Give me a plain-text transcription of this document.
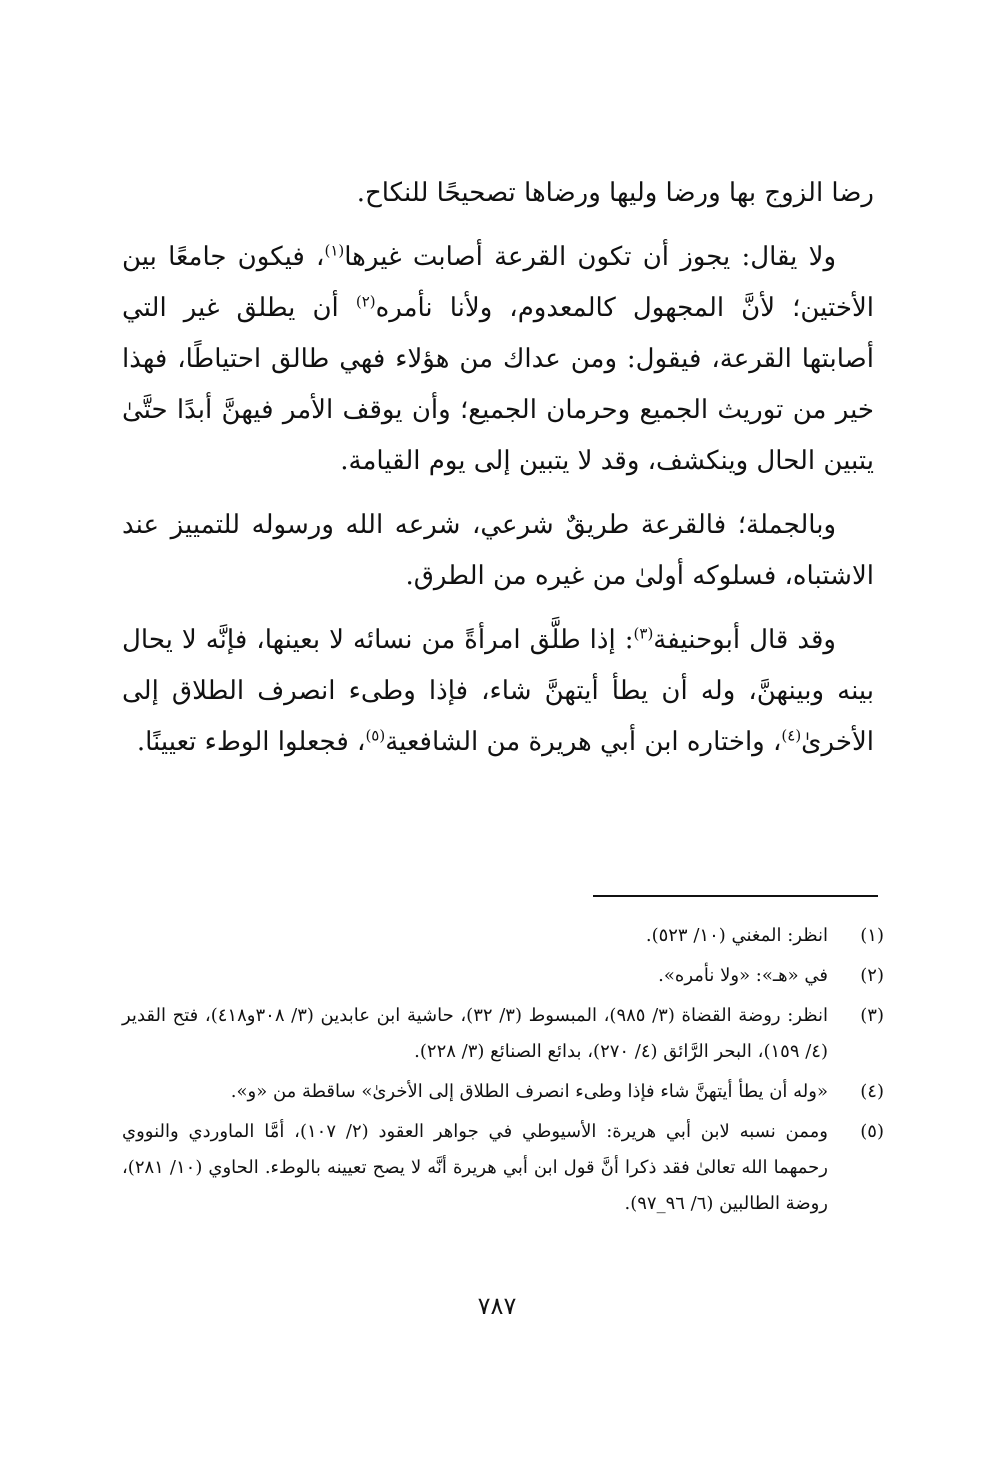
رضا الزوج بها ورضا وليها ورضاها تصحيحًا للنكاح.

ولا يقال: يجوز أن تكون القرعة أصابت غيرها$^{(١)}$، فيكون جامعًا بين الأختين؛ لأنَّ المجهول كالمعدوم، ولأنا نأمره$^{(٢)}$ أن يطلق غير التي أصابتها القرعة، فيقول: ومن عداك من هؤلاء فهي طالق احتياطًا، فهذا خير من توريث الجميع وحرمان الجميع؛ وأن يوقف الأمر فيهنَّ أبدًا حتَّىٰ يتبين الحال وينكشف، وقد لا يتبين إلى يوم القيامة.

وبالجملة؛ فالقرعة طريقٌ شرعي، شرعه الله ورسوله للتمييز عند الاشتباه، فسلوكه أولىٰ من غيره من الطرق.

وقد قال أبوحنيفة$^{(٣)}$: إذا طلَّق امرأةً من نسائه لا بعينها، فإنَّه لا يحال بينه وبينهنَّ، وله أن يطأ أيتهنَّ شاء، فإذا وطىء انصرف الطلاق إلى الأخرىٰ$^{(٤)}$، واختاره ابن أبي هريرة من الشافعية$^{(٥)}$، فجعلوا الوطء تعيينًا.

(١)
انظر: المغني (١٠/ ٥٢٣).
(٢)
في «هـ»: «ولا نأمره».
(٣)
انظر: روضة القضاة (٣/ ٩٨٥)، المبسوط (٣/ ٣٢)، حاشية ابن عابدين (٣/ ٣٠٨و٤١٨)، فتح القدير (٤/ ١٥٩)، البحر الرَّائق (٤/ ٢٧٠)، بدائع الصنائع (٣/ ٢٢٨).
(٤)
«وله أن يطأ أيتهنَّ شاء فإذا وطىء انصرف الطلاق إلى الأخرىٰ» ساقطة من «و».
(٥)
وممن نسبه لابن أبي هريرة: الأسيوطي في جواهر العقود (٢/ ١٠٧)، أمَّا الماوردي والنووي رحمهما الله تعالىٰ فقد ذكرا أنَّ قول ابن أبي هريرة أنَّه لا يصح تعيينه بالوطء. الحاوي (١٠/ ٢٨١)، روضة الطالبين (٦/ ٩٦_٩٧).
٧٨٧
